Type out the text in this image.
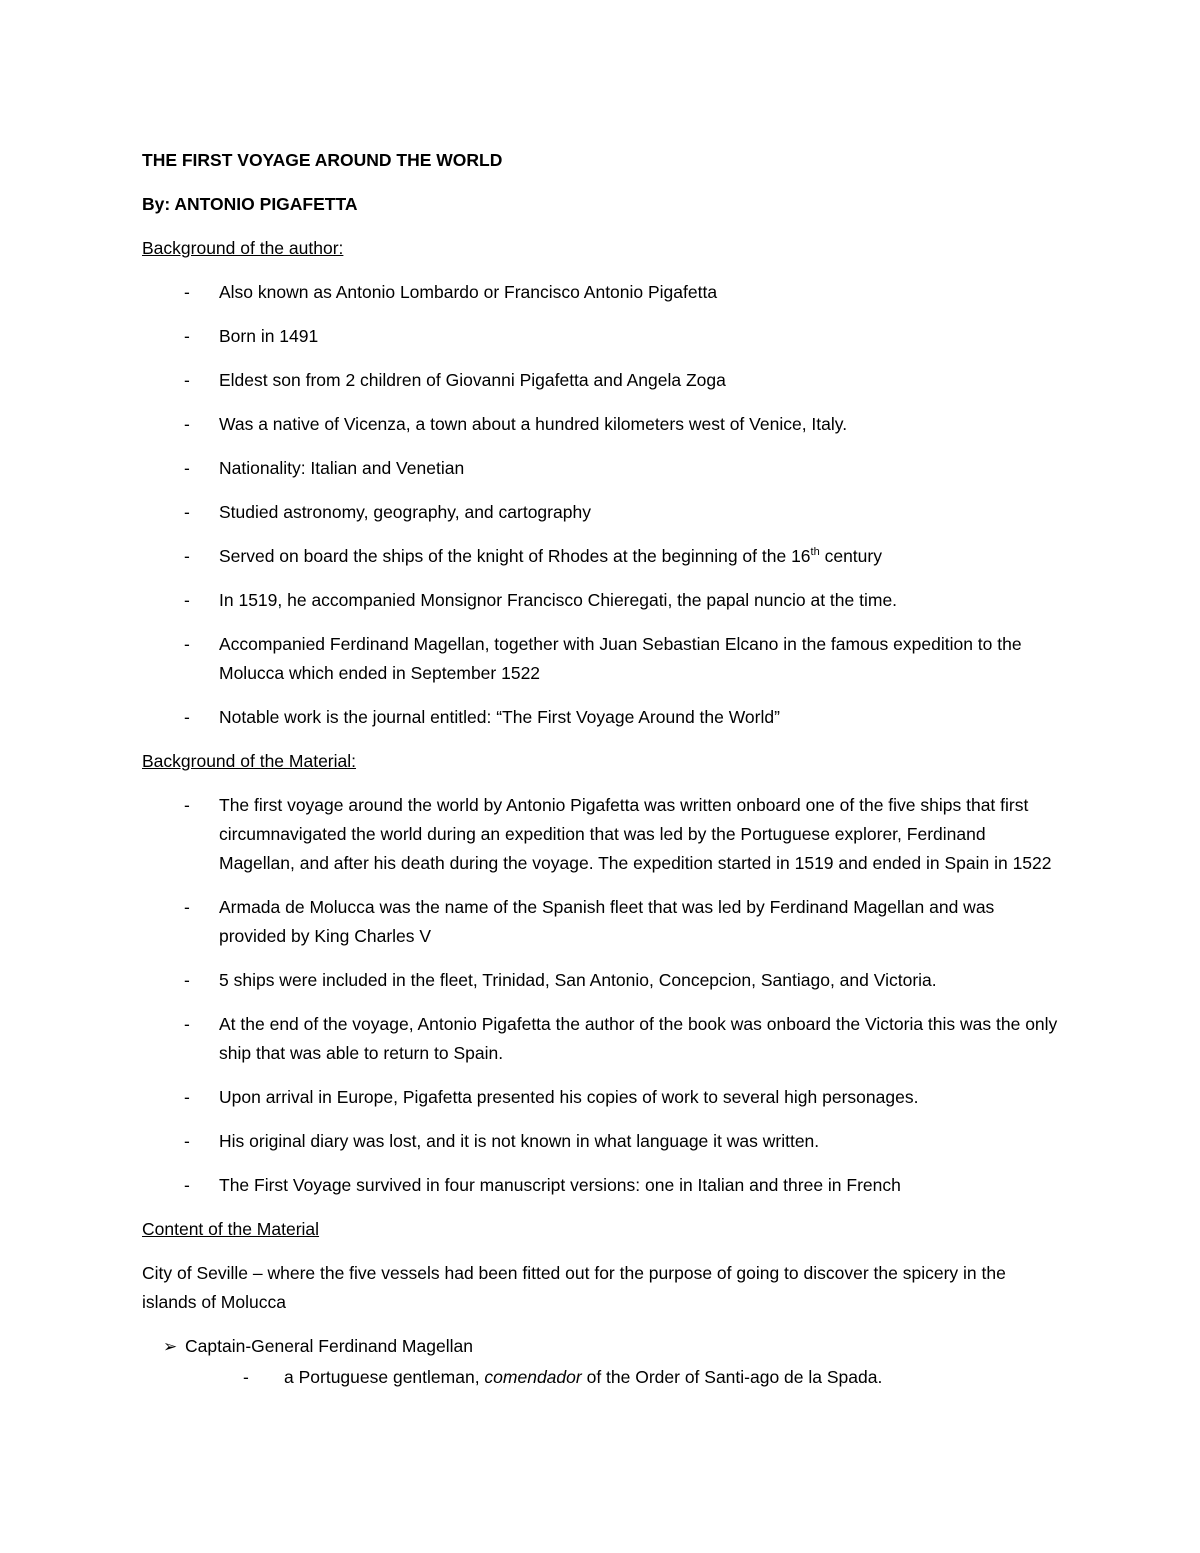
THE FIRST VOYAGE AROUND THE WORLD

By: ANTONIO PIGAFETTA

Background of the author:

- Also known as Antonio Lombardo or Francisco Antonio Pigafetta
- Born in 1491
- Eldest son from 2 children of Giovanni Pigafetta and Angela Zoga
- Was a native of Vicenza, a town about a hundred kilometers west of Venice, Italy.
- Nationality: Italian and Venetian
- Studied astronomy, geography, and cartography
- Served on board the ships of the knight of Rhodes at the beginning of the 16th century
- In 1519, he accompanied Monsignor Francisco Chieregati, the papal nuncio at the time.
- Accompanied Ferdinand Magellan, together with Juan Sebastian Elcano in the famous expedition to the Molucca which ended in September 1522
- Notable work is the journal entitled: “The First Voyage Around the World”

Background of the Material:

- The first voyage around the world by Antonio Pigafetta was written onboard one of the five ships that first circumnavigated the world during an expedition that was led by the Portuguese explorer, Ferdinand Magellan, and after his death during the voyage. The expedition started in 1519 and ended in Spain in 1522
- Armada de Molucca was the name of the Spanish fleet that was led by Ferdinand Magellan and was provided by King Charles V
- 5 ships were included in the fleet, Trinidad, San Antonio, Concepcion, Santiago, and Victoria.
- At the end of the voyage, Antonio Pigafetta the author of the book was onboard the Victoria this was the only ship that was able to return to Spain.
- Upon arrival in Europe, Pigafetta presented his copies of work to several high personages.
- His original diary was lost, and it is not known in what language it was written.
- The First Voyage survived in four manuscript versions: one in Italian and three in French

Content of the Material

City of Seville – where the five vessels had been fitted out for the purpose of going to discover the spicery in the islands of Molucca

➢ Captain-General Ferdinand Magellan
- a Portuguese gentleman, comendador of the Order of Santi-ago de la Spada.
